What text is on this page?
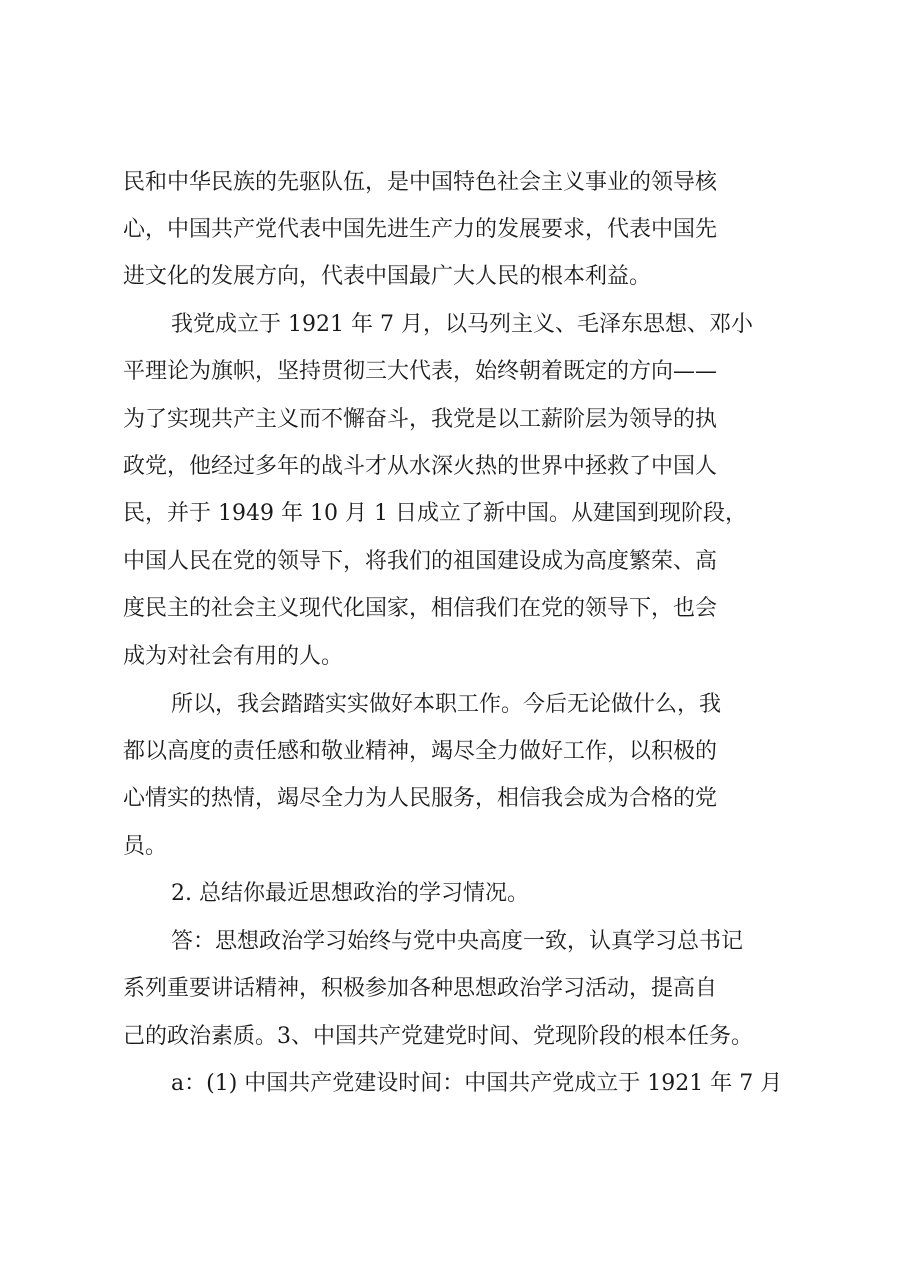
民和中华民族的先驱队伍，是中国特色社会主义事业的领导核
心，中国共产党代表中国先进生产力的发展要求，代表中国先
进文化的发展方向，代表中国最广大人民的根本利益。
我党成立于 1921 年 7 月，以马列主义、毛泽东思想、邓小
平理论为旗帜，坚持贯彻三大代表，始终朝着既定的方向——
为了实现共产主义而不懈奋斗，我党是以工薪阶层为领导的执
政党，他经过多年的战斗才从水深火热的世界中拯救了中国人
民，并于 1949 年 10 月 1 日成立了新中国。从建国到现阶段，
中国人民在党的领导下，将我们的祖国建设成为高度繁荣、高
度民主的社会主义现代化国家，相信我们在党的领导下，也会
成为对社会有用的人。
所以，我会踏踏实实做好本职工作。今后无论做什么，我
都以高度的责任感和敬业精神，竭尽全力做好工作，以积极的
心情实的热情，竭尽全力为人民服务，相信我会成为合格的党
员。
2. 总结你最近思想政治的学习情况。
答：思想政治学习始终与党中央高度一致，认真学习总书记
系列重要讲话精神，积极参加各种思想政治学习活动，提高自
己的政治素质。3、中国共产党建党时间、党现阶段的根本任务。
a：(1) 中国共产党建设时间：中国共产党成立于 1921 年 7 月
